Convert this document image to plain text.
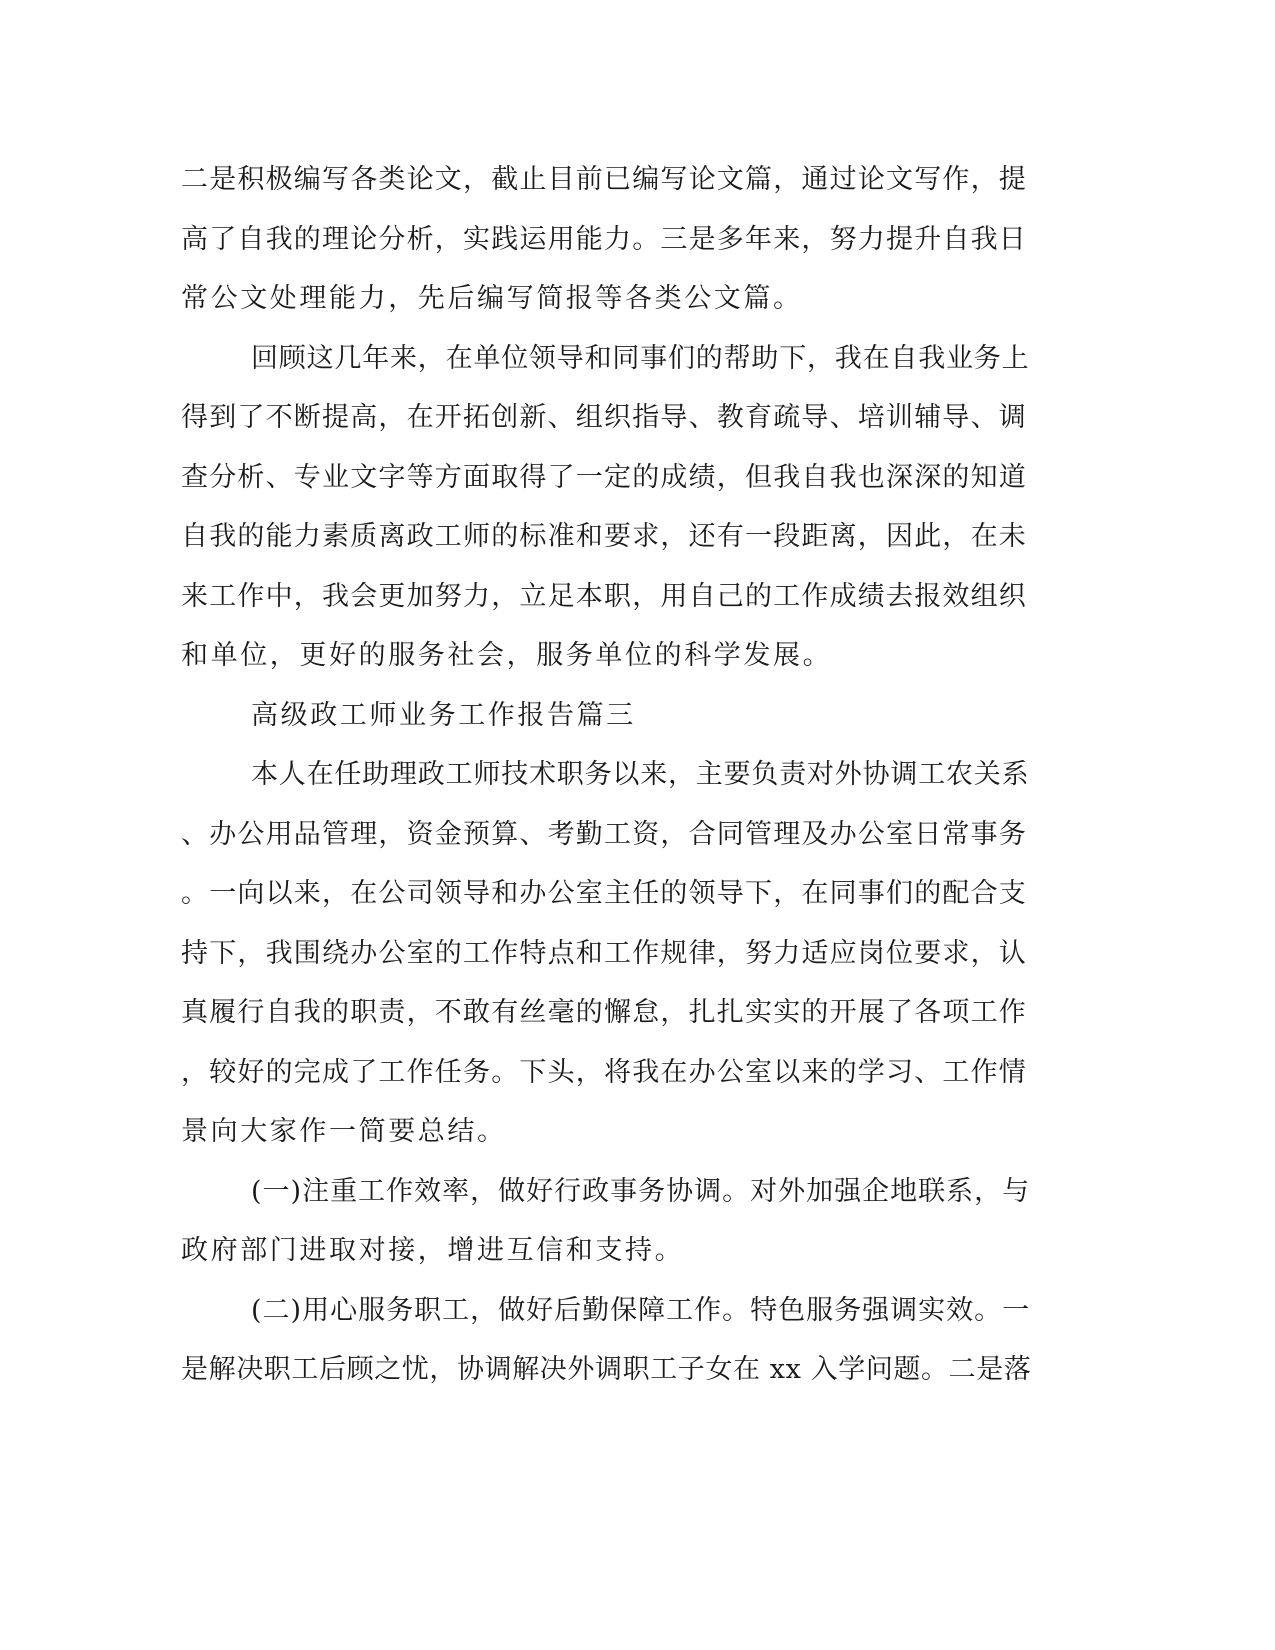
二是积极编写各类论文，截止目前已编写论文篇，通过论文写作，提
高了自我的理论分析，实践运用能力。三是多年来，努力提升自我日
常公文处理能力，先后编写简报等各类公文篇。
回顾这几年来，在单位领导和同事们的帮助下，我在自我业务上
得到了不断提高，在开拓创新、组织指导、教育疏导、培训辅导、调
查分析、专业文字等方面取得了一定的成绩，但我自我也深深的知道
自我的能力素质离政工师的标准和要求，还有一段距离，因此，在未
来工作中，我会更加努力，立足本职，用自己的工作成绩去报效组织
和单位，更好的服务社会，服务单位的科学发展。
高级政工师业务工作报告篇三
本人在任助理政工师技术职务以来，主要负责对外协调工农关系
、办公用品管理，资金预算、考勤工资，合同管理及办公室日常事务
。一向以来，在公司领导和办公室主任的领导下，在同事们的配合支
持下，我围绕办公室的工作特点和工作规律，努力适应岗位要求，认
真履行自我的职责，不敢有丝毫的懈怠，扎扎实实的开展了各项工作
，较好的完成了工作任务。下头，将我在办公室以来的学习、工作情
景向大家作一简要总结。
(一)注重工作效率，做好行政事务协调。对外加强企地联系，与
政府部门进取对接，增进互信和支持。
(二)用心服务职工，做好后勤保障工作。特色服务强调实效。一
是解决职工后顾之忧，协调解决外调职工子女在 xx 入学问题。二是落
